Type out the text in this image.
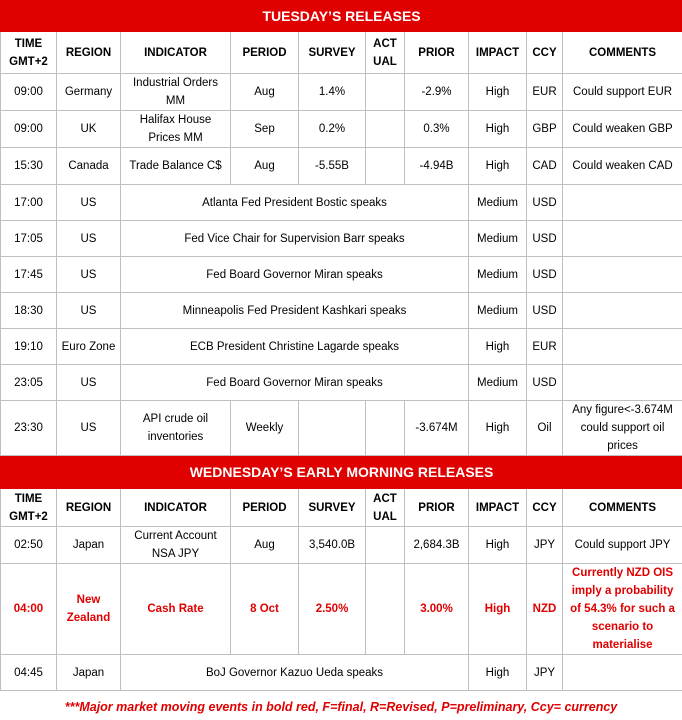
TUESDAY’S RELEASES									
TIME GMT+2	REGION	INDICATOR	PERIOD	SURVEY	ACT UAL	PRIOR	IMPACT	CCY	COMMENTS
09:00	Germany	Industrial Orders MM	Aug	1.4%		-2.9%	High	EUR	Could support EUR
09:00	UK	Halifax House Prices MM	Sep	0.2%		0.3%	High	GBP	Could weaken GBP
15:30	Canada	Trade Balance C$	Aug	-5.55B		-4.94B	High	CAD	Could weaken CAD
17:00	US	Atlanta Fed President Bostic speaks					Medium	USD	
17:05	US	Fed Vice Chair for Supervision Barr speaks					Medium	USD	
17:45	US	Fed Board Governor Miran speaks					Medium	USD	
18:30	US	Minneapolis Fed President Kashkari speaks					Medium	USD	
19:10	Euro Zone	ECB President Christine Lagarde speaks					High	EUR	
23:05	US	Fed Board Governor Miran speaks					Medium	USD	
23:30	US	API crude oil inventories	Weekly			-3.674M	High	Oil	Any figure<-3.674M could support oil prices
WEDNESDAY’S EARLY MORNING RELEASES									
TIME GMT+2	REGION	INDICATOR	PERIOD	SURVEY	ACT UAL	PRIOR	IMPACT	CCY	COMMENTS
02:50	Japan	Current Account NSA JPY	Aug	3,540.0B		2,684.3B	High	JPY	Could support JPY
04:00	New Zealand	Cash Rate	8 Oct	2.50%		3.00%	High	NZD	Currently NZD OIS imply a probability of 54.3% for such a scenario to materialise
04:45	Japan	BoJ Governor Kazuo Ueda speaks					High	JPY	
***Major market moving events in bold red, F=final, R=Revised, P=preliminary, Ccy= currency
